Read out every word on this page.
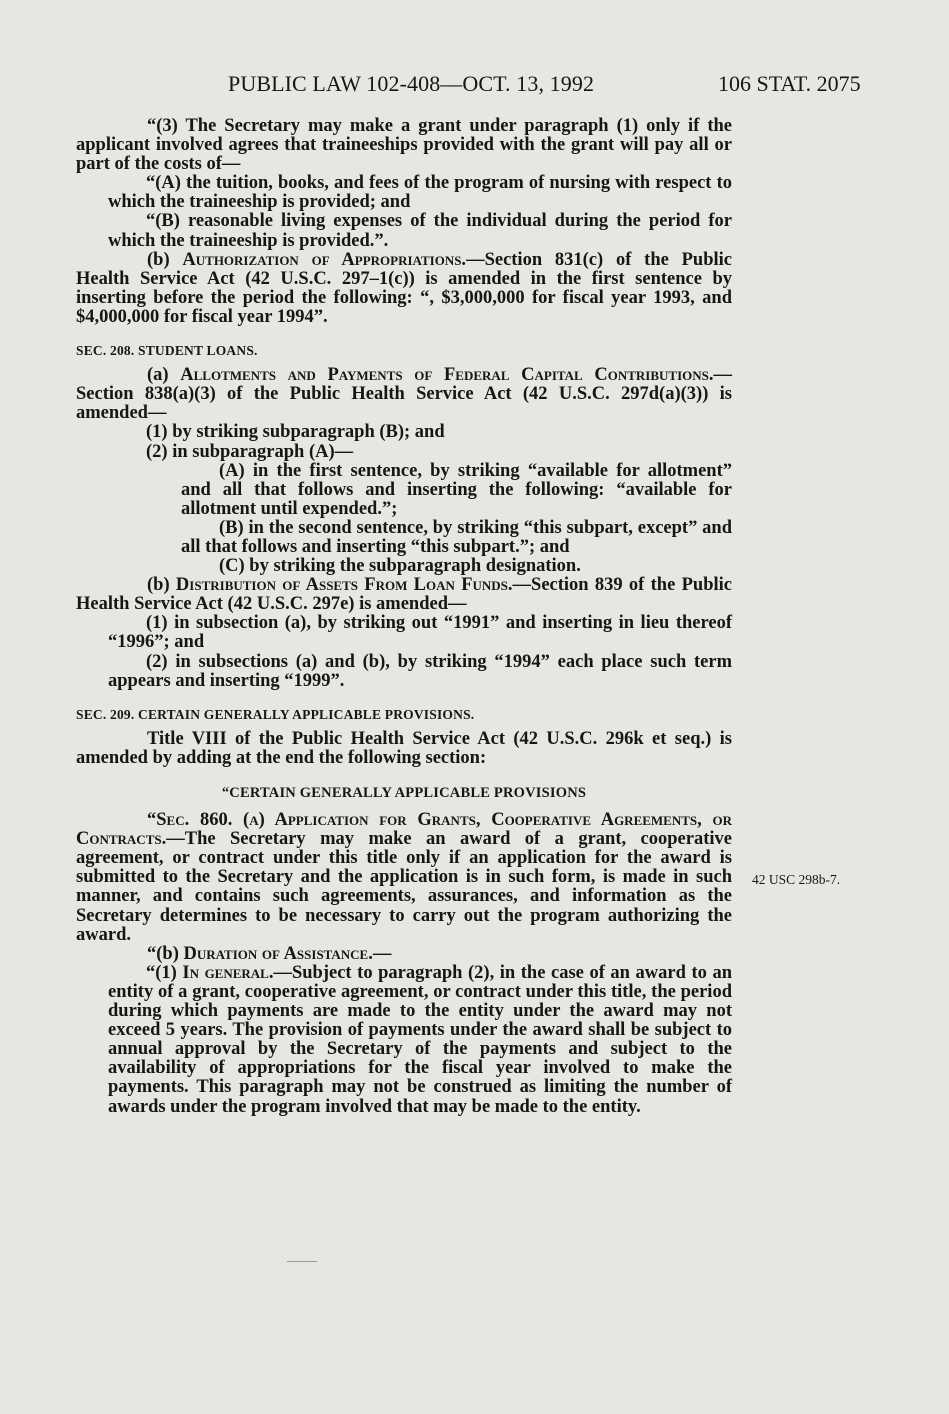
PUBLIC LAW 102-408—OCT. 13, 1992	106 STAT. 2075
42 USC 298b-7.

“(3) The Secretary may make a grant under paragraph (1) only if the applicant involved agrees that traineeships provided with the grant will pay all or part of the costs of—

“(A) the tuition, books, and fees of the program of nursing with respect to which the traineeship is provided; and

“(B) reasonable living expenses of the individual during the period for which the traineeship is provided.”.

(b) Authorization of Appropriations.—Section 831(c) of the Public Health Service Act (42 U.S.C. 297–1(c)) is amended in the first sentence by inserting before the period the following: “, $3,000,000 for fiscal year 1993, and $4,000,000 for fiscal year 1994”.

SEC. 208. STUDENT LOANS.

(a) Allotments and Payments of Federal Capital Contributions.—Section 838(a)(3) of the Public Health Service Act (42 U.S.C. 297d(a)(3)) is amended—

(1) by striking subparagraph (B); and

(2) in subparagraph (A)—

(A) in the first sentence, by striking “available for allotment” and all that follows and inserting the following: “available for allotment until expended.”;

(B) in the second sentence, by striking “this subpart, except” and all that follows and inserting “this subpart.”; and

(C) by striking the subparagraph designation.

(b) Distribution of Assets From Loan Funds.—Section 839 of the Public Health Service Act (42 U.S.C. 297e) is amended—

(1) in subsection (a), by striking out “1991” and inserting in lieu thereof “1996”; and

(2) in subsections (a) and (b), by striking “1994” each place such term appears and inserting “1999”.

SEC. 209. CERTAIN GENERALLY APPLICABLE PROVISIONS.

Title VIII of the Public Health Service Act (42 U.S.C. 296k et seq.) is amended by adding at the end the following section:

“CERTAIN GENERALLY APPLICABLE PROVISIONS

“Sec. 860. (a) Application for Grants, Cooperative Agreements, or Contracts.—The Secretary may make an award of a grant, cooperative agreement, or contract under this title only if an application for the award is submitted to the Secretary and the application is in such form, is made in such manner, and contains such agreements, assurances, and information as the Secretary determines to be necessary to carry out the program authorizing the award.

“(b) Duration of Assistance.—

“(1) In general.—Subject to paragraph (2), in the case of an award to an entity of a grant, cooperative agreement, or contract under this title, the period during which payments are made to the entity under the award may not exceed 5 years. The provision of payments under the award shall be subject to annual approval by the Secretary of the payments and subject to the availability of appropriations for the fiscal year involved to make the payments. This paragraph may not be construed as limiting the number of awards under the program involved that may be made to the entity.
